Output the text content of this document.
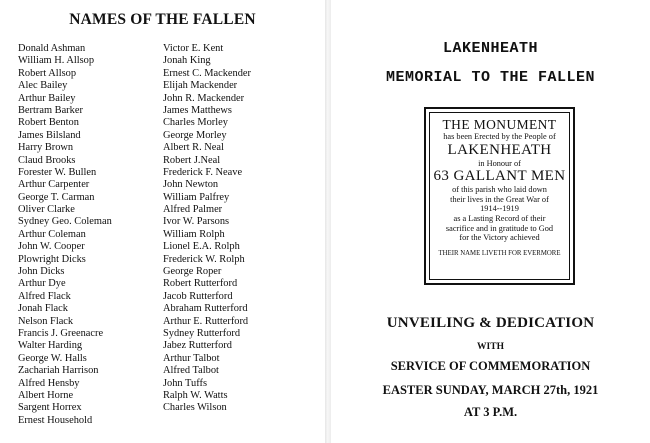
NAMES OF THE FALLEN
Donald Ashman
William H. Allsop
Robert Allsop
Alec Bailey
Arthur Bailey
Bertram Barker
Robert Benton
James Bilsland
Harry Brown
Claud Brooks
Forester W. Bullen
Arthur Carpenter
George T. Carman
Oliver Clarke
Sydney Geo. Coleman
Arthur Coleman
John W. Cooper
Plowright Dicks
John Dicks
Arthur Dye
Alfred Flack
Jonah Flack
Nelson Flack
Francis J. Greenacre
Walter Harding
George W. Halls
Zachariah Harrison
Alfred Hensby
Albert Horne
Sargent Horrex
Ernest Household
Victor E. Kent
Jonah King
Ernest C. Mackender
Elijah Mackender
John R. Mackender
James Matthews
Charles Morley
George Morley
Albert R. Neal
Robert J.Neal
Frederick F. Neave
John Newton
William Palfrey
Alfred Palmer
Ivor W. Parsons
William Rolph
Lionel E.A. Rolph
Frederick W. Rolph
George Roper
Robert Rutterford
Jacob Rutterford
Abraham Rutterford
Arthur E. Rutterford
Sydney Rutterford
Jabez Rutterford
Arthur Talbot
Alfred Talbot
John Tuffs
Ralph W. Watts
Charles Wilson
LAKENHEATH
MEMORIAL TO THE FALLEN
THE MONUMENT
has been Erected by the People of
LAKENHEATH
in Honour of
63 GALLANT MEN
of this parish who laid down
their lives in the Great War of
1914--1919
as a Lasting Record of their
sacrifice and in gratitude to God
for the Victory achieved
THEIR NAME LIVETH FOR EVERMORE
UNVEILING & DEDICATION
WITH
SERVICE OF COMMEMORATION
EASTER SUNDAY, MARCH 27th, 1921
AT 3 P.M.
